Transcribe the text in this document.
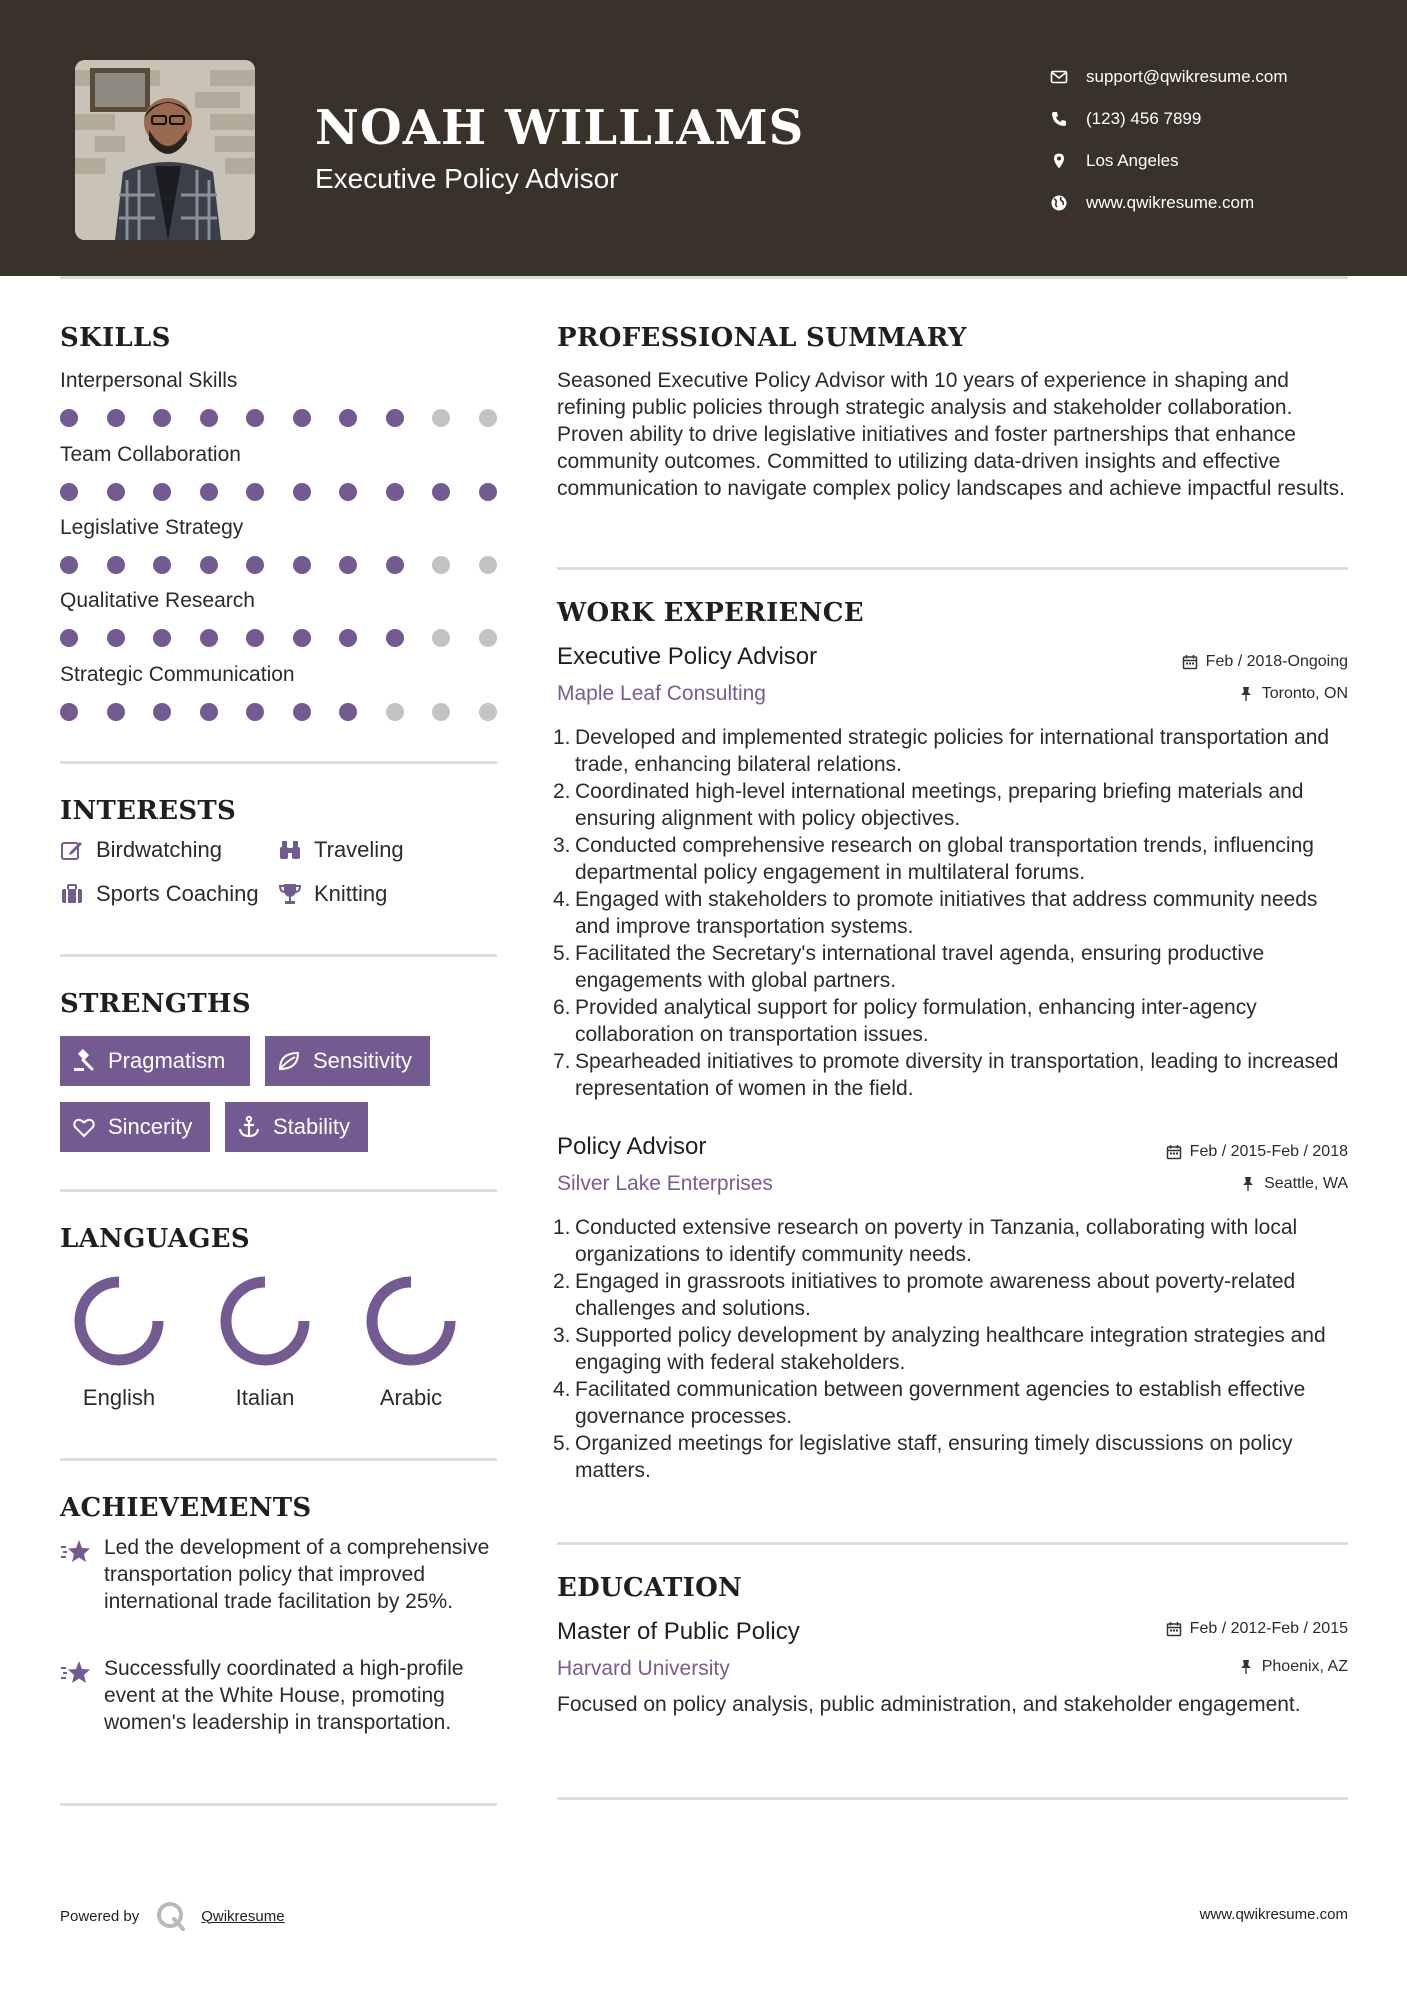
NOAH WILLIAMS
Executive Policy Advisor
support@qwikresume.com
(123) 456 7899
Los Angeles
www.qwikresume.com
SKILLS
Interpersonal Skills
Team Collaboration
Legislative Strategy
Qualitative Research
Strategic Communication
INTERESTS
Birdwatching	Traveling
Sports Coaching	Knitting
STRENGTHS
Pragmatism	Sensitivity
Sincerity	Stability
LANGUAGES
English	Italian	Arabic
ACHIEVEMENTS

Led the development of a comprehensive transportation policy that improved international trade facilitation by 25%.

Successfully coordinated a high-profile event at the White House, promoting women's leadership in transportation.

PROFESSIONAL SUMMARY

Seasoned Executive Policy Advisor with 10 years of experience in shaping and refining public policies through strategic analysis and stakeholder collaboration. Proven ability to drive legislative initiatives and foster partnerships that enhance community outcomes. Committed to utilizing data-driven insights and effective communication to navigate complex policy landscapes and achieve impactful results.

WORK EXPERIENCE
Executive Policy Advisor	Feb / 2018-Ongoing
Maple Leaf Consulting	Toronto, ON
1. Developed and implemented strategic policies for international transportation and trade, enhancing bilateral relations.
2. Coordinated high-level international meetings, preparing briefing materials and ensuring alignment with policy objectives.
3. Conducted comprehensive research on global transportation trends, influencing departmental policy engagement in multilateral forums.
4. Engaged with stakeholders to promote initiatives that address community needs and improve transportation systems.
5. Facilitated the Secretary's international travel agenda, ensuring productive engagements with global partners.
6. Provided analytical support for policy formulation, enhancing inter-agency collaboration on transportation issues.
7. Spearheaded initiatives to promote diversity in transportation, leading to increased representation of women in the field.
Policy Advisor	Feb / 2015-Feb / 2018
Silver Lake Enterprises	Seattle, WA
1. Conducted extensive research on poverty in Tanzania, collaborating with local organizations to identify community needs.
2. Engaged in grassroots initiatives to promote awareness about poverty-related challenges and solutions.
3. Supported policy development by analyzing healthcare integration strategies and engaging with federal stakeholders.
4. Facilitated communication between government agencies to establish effective governance processes.
5. Organized meetings for legislative staff, ensuring timely discussions on policy matters.
EDUCATION
Master of Public Policy	Feb / 2012-Feb / 2015
Harvard University	Phoenix, AZ

Focused on policy analysis, public administration, and stakeholder engagement.

Powered by	Qwikresume	www.qwikresume.com
